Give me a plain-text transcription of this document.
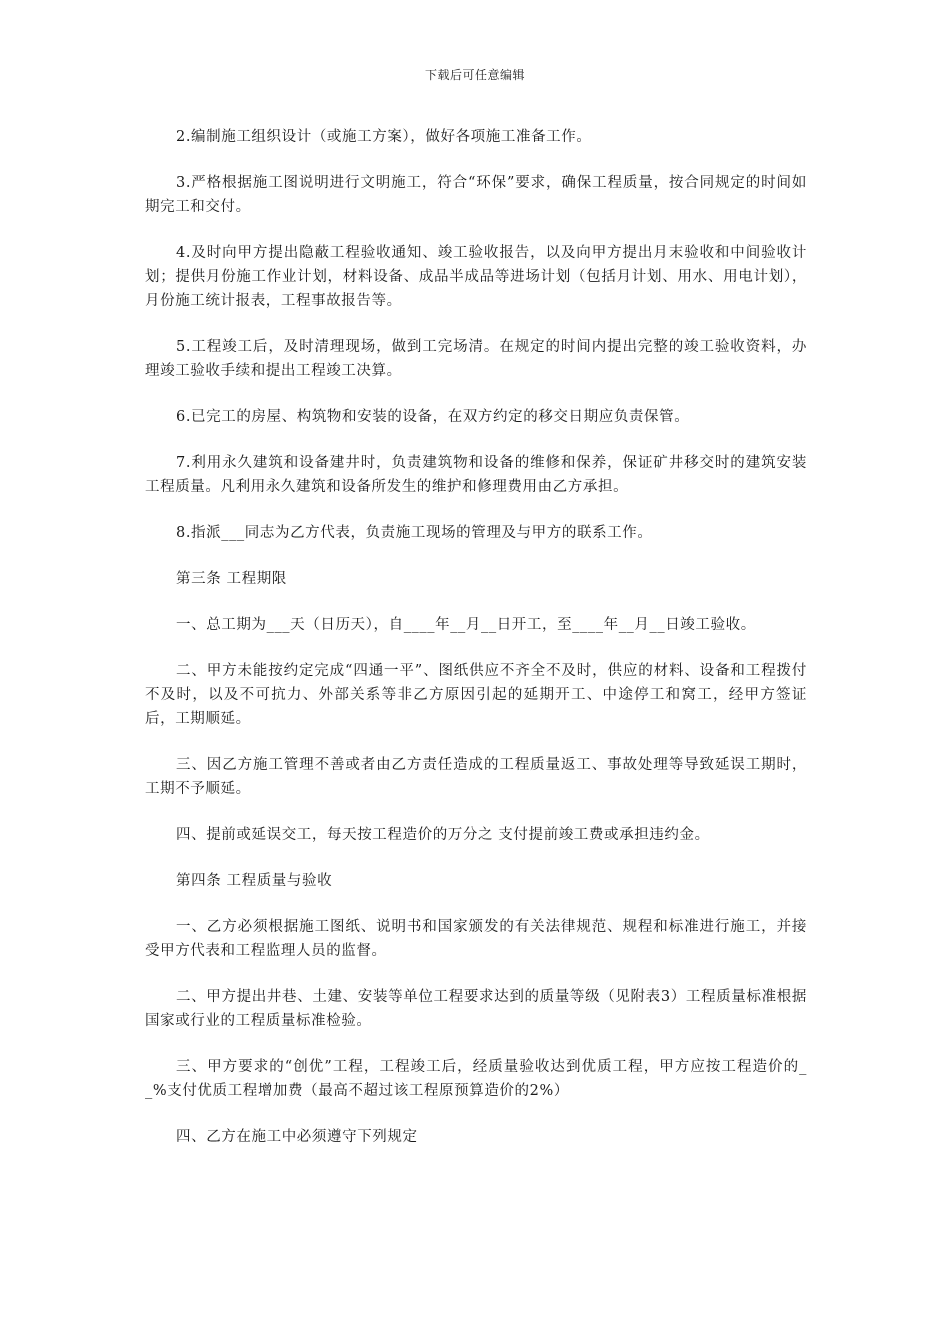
下载后可任意编辑

2.编制施工组织设计（或施工方案），做好各项施工准备工作。

3.严格根据施工图说明进行文明施工，符合“环保”要求，确保工程质量，按合同规定的时间如期完工和交付。

4.及时向甲方提出隐蔽工程验收通知、竣工验收报告，以及向甲方提出月末验收和中间验收计划；提供月份施工作业计划，材料设备、成品半成品等进场计划（包括月计划、用水、用电计划），月份施工统计报表，工程事故报告等。

5.工程竣工后，及时清理现场，做到工完场清。在规定的时间内提出完整的竣工验收资料，办理竣工验收手续和提出工程竣工决算。

6.已完工的房屋、构筑物和安装的设备，在双方约定的移交日期应负责保管。

7.利用永久建筑和设备建井时，负责建筑物和设备的维修和保养，保证矿井移交时的建筑安装工程质量。凡利用永久建筑和设备所发生的维护和修理费用由乙方承担。

8.指派___同志为乙方代表，负责施工现场的管理及与甲方的联系工作。

第三条 工程期限

一、总工期为___天（日历天），自____年__月__日开工，至____年__月__日竣工验收。

二、甲方未能按约定完成“四通一平”、图纸供应不齐全不及时，供应的材料、设备和工程拨付不及时，以及不可抗力、外部关系等非乙方原因引起的延期开工、中途停工和窝工，经甲方签证后，工期顺延。

三、因乙方施工管理不善或者由乙方责任造成的工程质量返工、事故处理等导致延误工期时，工期不予顺延。

四、提前或延误交工，每天按工程造价的万分之 支付提前竣工费或承担违约金。

第四条 工程质量与验收

一、乙方必须根据施工图纸、说明书和国家颁发的有关法律规范、规程和标准进行施工，并接受甲方代表和工程监理人员的监督。

二、甲方提出井巷、土建、安装等单位工程要求达到的质量等级（见附表3）工程质量标准根据国家或行业的工程质量标准检验。

三、甲方要求的“创优”工程，工程竣工后，经质量验收达到优质工程，甲方应按工程造价的__%支付优质工程增加费（最高不超过该工程原预算造价的2%）

四、乙方在施工中必须遵守下列规定
